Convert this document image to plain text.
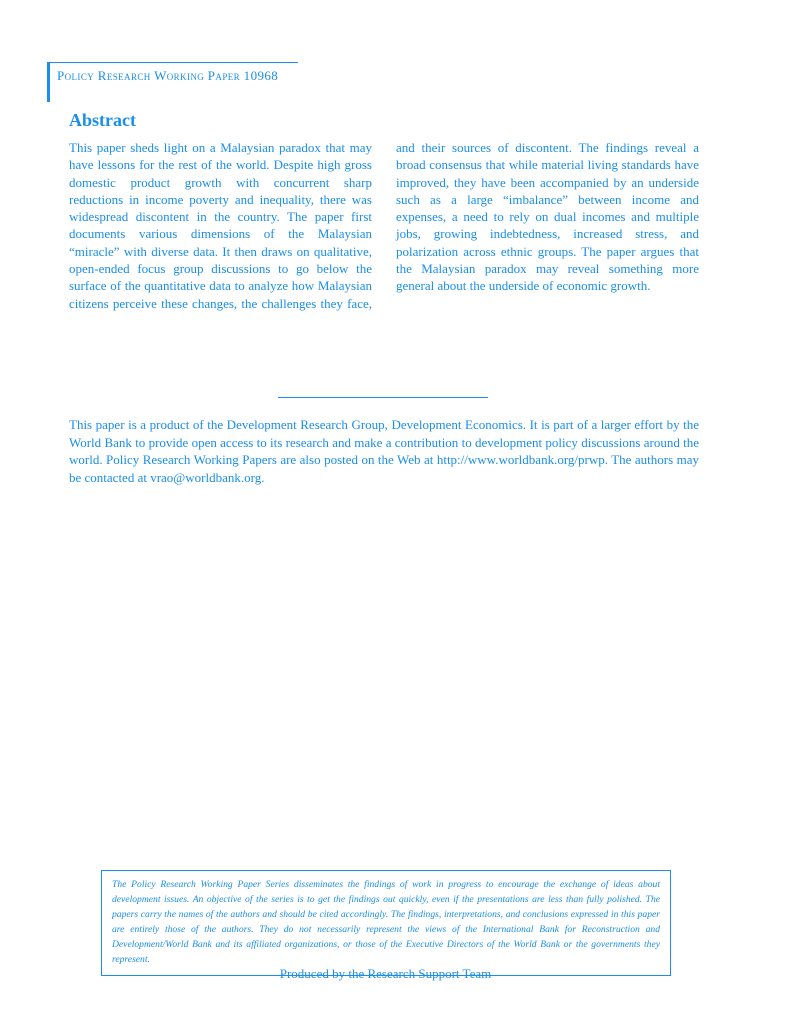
Policy Research Working Paper 10968
Abstract

This paper sheds light on a Malaysian paradox that may have lessons for the rest of the world. Despite high gross domestic product growth with concurrent sharp reductions in income poverty and inequality, there was widespread discontent in the country. The paper first documents various dimensions of the Malaysian “miracle” with diverse data. It then draws on qualitative, open-ended focus group discussions to go below the surface of the quantitative data to analyze how Malaysian citizens perceive these changes, the challenges they face, and their sources of discontent. The findings reveal a broad consensus that while material living standards have improved, they have been accompanied by an underside such as a large “imbalance” between income and expenses, a need to rely on dual incomes and multiple jobs, growing indebtedness, increased stress, and polarization across ethnic groups. The paper argues that the Malaysian paradox may reveal something more general about the underside of economic growth.

This paper is a product of the Development Research Group, Development Economics. It is part of a larger effort by the World Bank to provide open access to its research and make a contribution to development policy discussions around the world. Policy Research Working Papers are also posted on the Web at http://www.worldbank.org/prwp. The authors may be contacted at vrao@worldbank.org.

The Policy Research Working Paper Series disseminates the findings of work in progress to encourage the exchange of ideas about development issues. An objective of the series is to get the findings out quickly, even if the presentations are less than fully polished. The papers carry the names of the authors and should be cited accordingly. The findings, interpretations, and conclusions expressed in this paper are entirely those of the authors. They do not necessarily represent the views of the International Bank for Reconstruction and Development/World Bank and its affiliated organizations, or those of the Executive Directors of the World Bank or the governments they represent.

Produced by the Research Support Team
